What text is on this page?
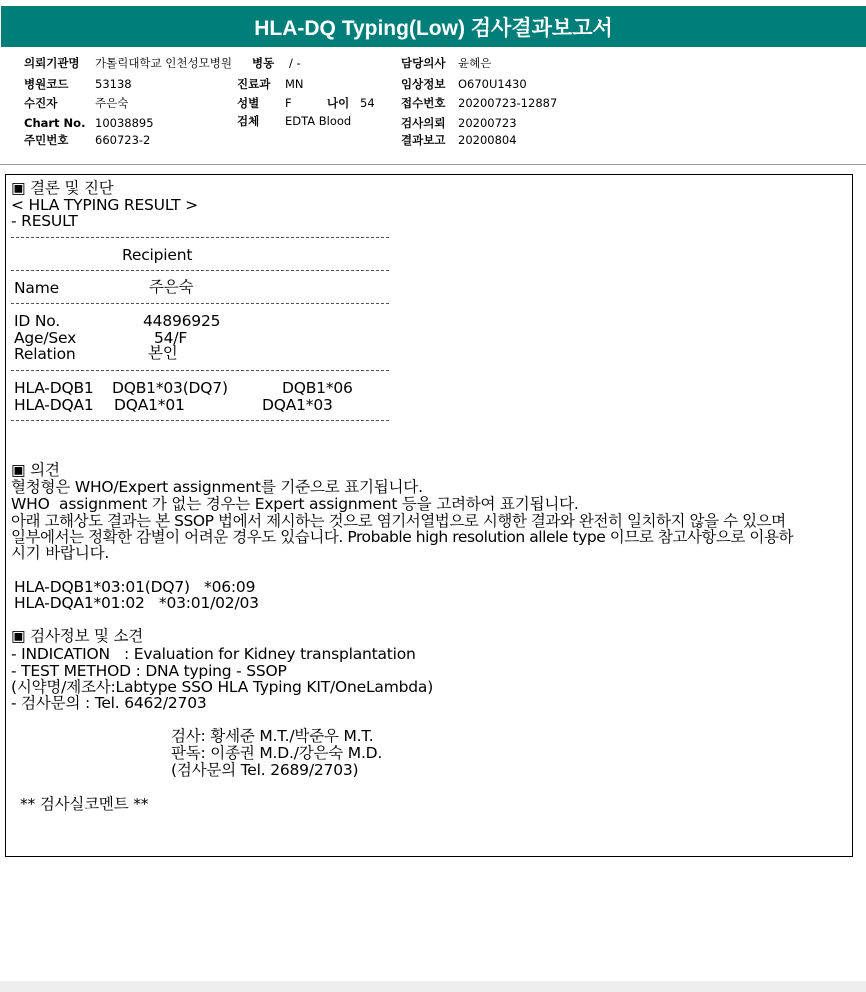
HLA-DQ Typing(Low) 검사결과보고서
의뢰기관명 가톨릭대학교 인천성모병원 병동 / -	담당의사 윤혜은
병원코드 53138	진료과 MN	임상정보 O670U1430
수진자	주은숙	성별 F	나이 54 접수번호 20200723-12887
Chart No. 10038895	검체 EDTA Blood	검사의뢰 20200723
주민번호 660723-2	결과보고 20200804
▣ 결론 및 진단
< HLA TYPING RESULT >
- RESULT
Recipient
Name	주은숙
ID No.	44896925
Age/Sex	54/F
Relation	본인
HLA-DQB1 DQB1*03(DQ7)	DQB1*06
HLA-DQA1 DQA1*01	DQA1*03
▣ 의견
혈청형은 WHO/Expert assignment를 기준으로 표기됩니다.
WHO  assignment 가 없는 경우는 Expert assignment 등을 고려하여 표기됩니다.
아래 고해상도 결과는 본 SSOP 법에서 제시하는 것으로 염기서열법으로 시행한 결과와 완전히 일치하지 않을 수 있으며
일부에서는 정확한 감별이 어려운 경우도 있습니다. Probable high resolution allele type 이므로 참고사항으로 이용하
시기 바랍니다.
HLA-DQB1*03:01(DQ7)   *06:09
HLA-DQA1*01:02   *03:01/02/03
▣ 검사정보 및 소견
- INDICATION   : Evaluation for Kidney transplantation
- TEST METHOD : DNA typing - SSOP
(시약명/제조사:Labtype SSO HLA Typing KIT/OneLambda)
- 검사문의 : Tel. 6462/2703
검사: 황세준 M.T./박준우 M.T.
판독: 이종권 M.D./강은숙 M.D.
(검사문의 Tel. 2689/2703)
** 검사실코멘트 **
